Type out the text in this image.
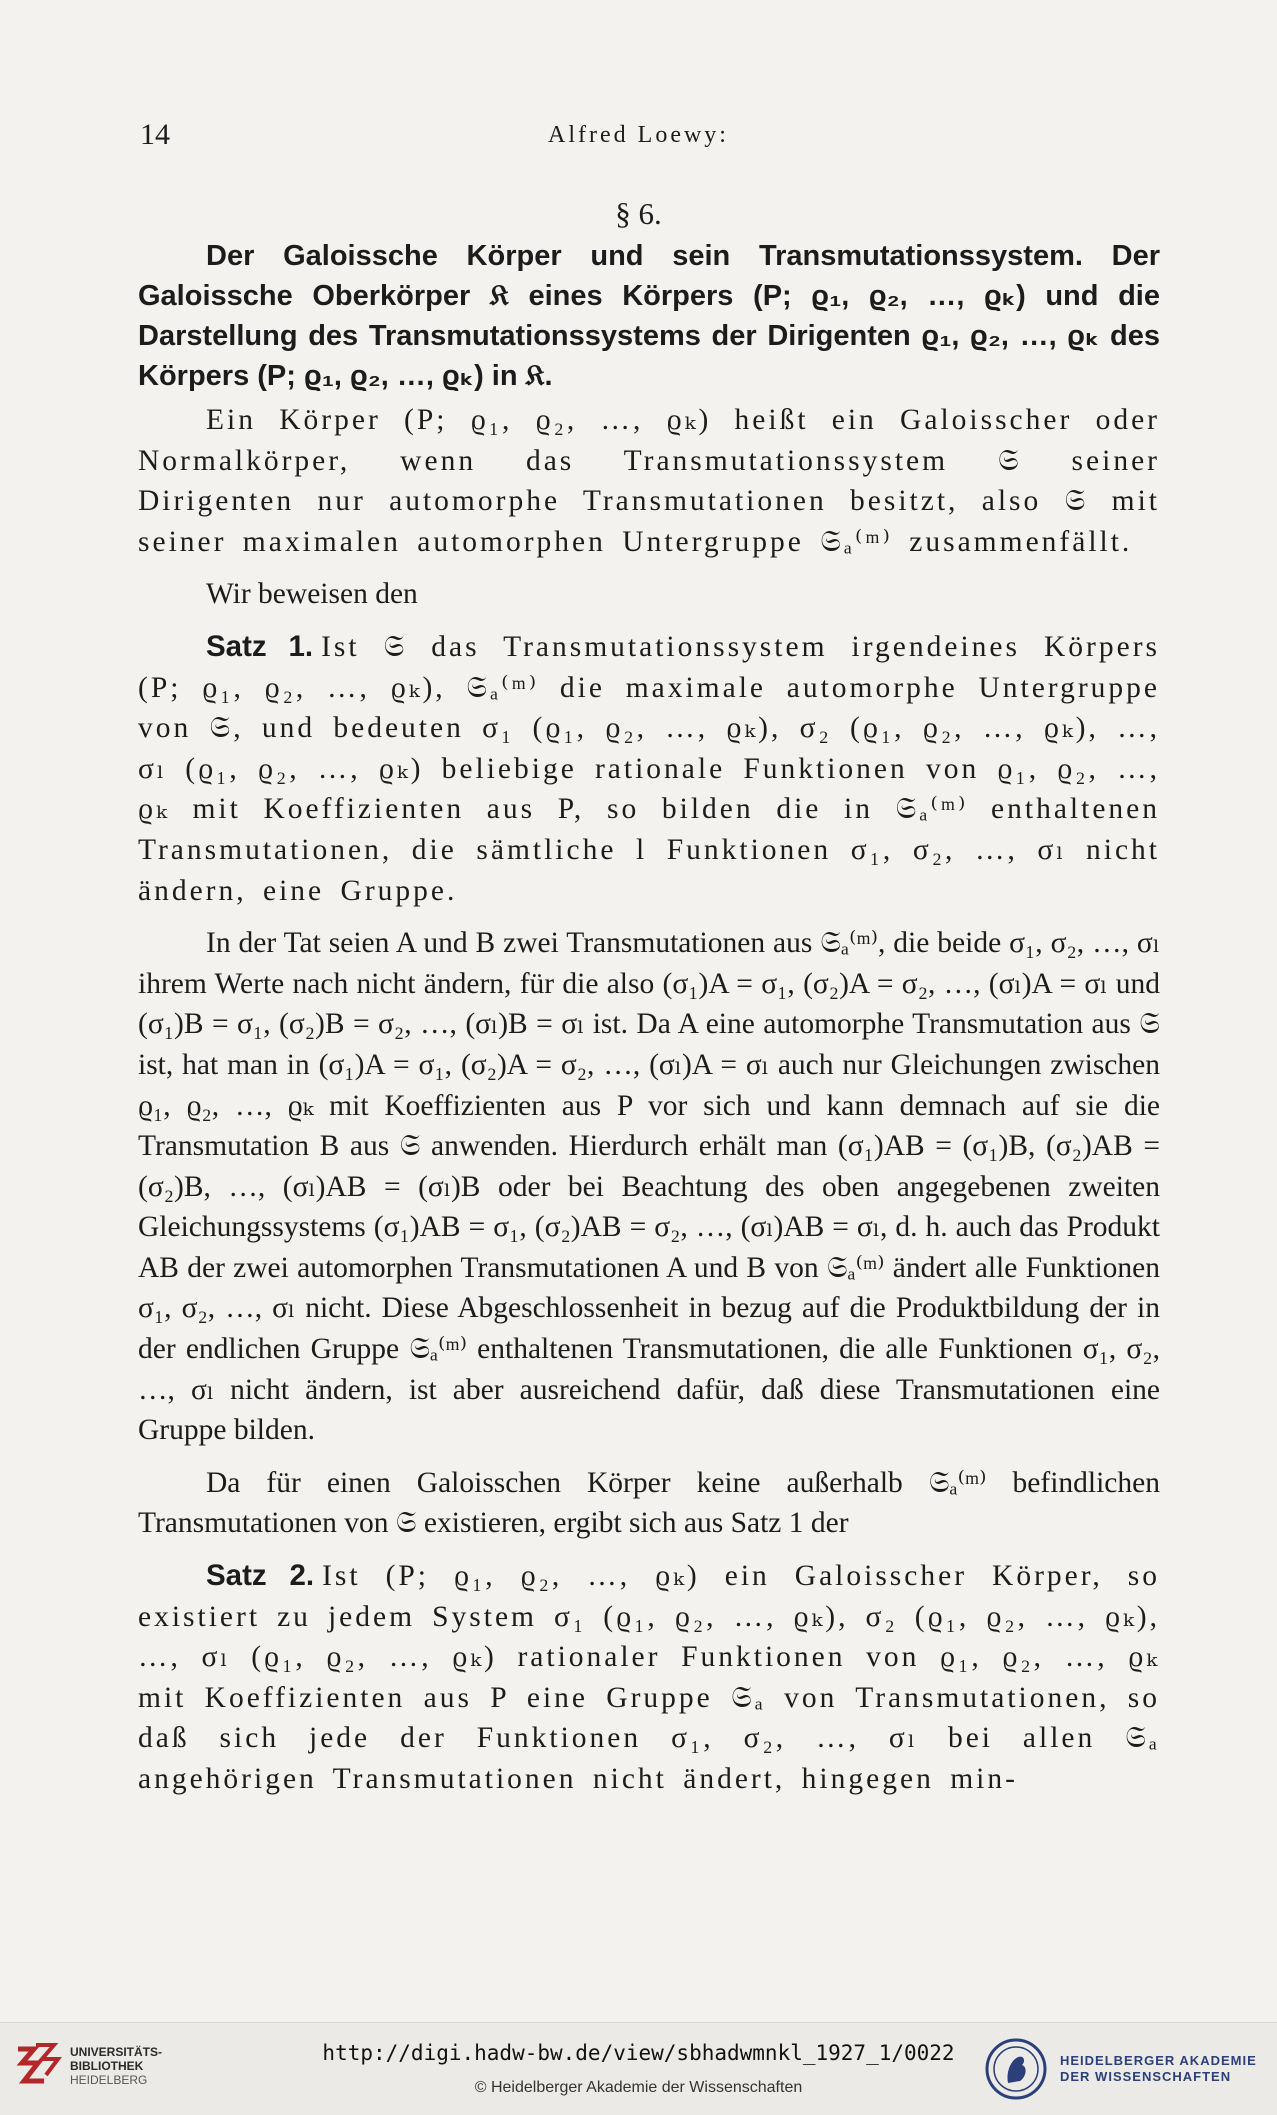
14	Alfred Loewy:
§ 6.
Der Galoissche Körper und sein Transmutationssystem. Der Galoissche Oberkörper 𝔎 eines Körpers (P; ϱ₁, ϱ₂, …, ϱₖ) und die Darstellung des Transmutationssystems der Dirigenten ϱ₁, ϱ₂, …, ϱₖ des Körpers (P; ϱ₁, ϱ₂, …, ϱₖ) in 𝔎.

Ein Körper (P; ϱ₁, ϱ₂, …, ϱₖ) heißt ein Galoisscher oder Normalkörper, wenn das Transmutationssystem 𝔖 seiner Dirigenten nur automorphe Transmutationen besitzt, also 𝔖 mit seiner maximalen automorphen Untergruppe 𝔖ₐ⁽ᵐ⁾ zusammenfällt.

Wir beweisen den

Satz 1. Ist 𝔖 das Transmutationssystem irgendeines Körpers (P; ϱ₁, ϱ₂, …, ϱₖ), 𝔖ₐ⁽ᵐ⁾ die maximale automorphe Untergruppe von 𝔖, und bedeuten σ₁ (ϱ₁, ϱ₂, …, ϱₖ), σ₂ (ϱ₁, ϱ₂, …, ϱₖ), …, σₗ (ϱ₁, ϱ₂, …, ϱₖ) beliebige rationale Funktionen von ϱ₁, ϱ₂, …, ϱₖ mit Koeffizienten aus P, so bilden die in 𝔖ₐ⁽ᵐ⁾ enthaltenen Transmutationen, die sämtliche l Funktionen σ₁, σ₂, …, σₗ nicht ändern, eine Gruppe.

In der Tat seien A und B zwei Transmutationen aus 𝔖ₐ⁽ᵐ⁾, die beide σ₁, σ₂, …, σₗ ihrem Werte nach nicht ändern, für die also (σ₁)A = σ₁, (σ₂)A = σ₂, …, (σₗ)A = σₗ und (σ₁)B = σ₁, (σ₂)B = σ₂, …, (σₗ)B = σₗ ist. Da A eine automorphe Transmutation aus 𝔖 ist, hat man in (σ₁)A = σ₁, (σ₂)A = σ₂, …, (σₗ)A = σₗ auch nur Gleichungen zwischen ϱ₁, ϱ₂, …, ϱₖ mit Koeffizienten aus P vor sich und kann demnach auf sie die Transmutation B aus 𝔖 anwenden. Hierdurch erhält man (σ₁)AB = (σ₁)B, (σ₂)AB = (σ₂)B, …, (σₗ)AB = (σₗ)B oder bei Beachtung des oben angegebenen zweiten Gleichungssystems (σ₁)AB = σ₁, (σ₂)AB = σ₂, …, (σₗ)AB = σₗ, d. h. auch das Produkt AB der zwei automorphen Transmutationen A und B von 𝔖ₐ⁽ᵐ⁾ ändert alle Funktionen σ₁, σ₂, …, σₗ nicht. Diese Abgeschlossenheit in bezug auf die Produktbildung der in der endlichen Gruppe 𝔖ₐ⁽ᵐ⁾ enthaltenen Transmutationen, die alle Funktionen σ₁, σ₂, …, σₗ nicht ändern, ist aber ausreichend dafür, daß diese Transmutationen eine Gruppe bilden.

Da für einen Galoisschen Körper keine außerhalb 𝔖ₐ⁽ᵐ⁾ befindlichen Transmutationen von 𝔖 existieren, ergibt sich aus Satz 1 der

Satz 2. Ist (P; ϱ₁, ϱ₂, …, ϱₖ) ein Galoisscher Körper, so existiert zu jedem System σ₁ (ϱ₁, ϱ₂, …, ϱₖ), σ₂ (ϱ₁, ϱ₂, …, ϱₖ), …, σₗ (ϱ₁, ϱ₂, …, ϱₖ) rationaler Funktionen von ϱ₁, ϱ₂, …, ϱₖ mit Koeffizienten aus P eine Gruppe 𝔖ₐ von Transmutationen, so daß sich jede der Funktionen σ₁, σ₂, …, σₗ bei allen 𝔖ₐ angehörigen Transmutationen nicht ändert, hingegen min-

UNIVERSITÄTS-
BIBLIOTHEK
HEIDELBERG
http://digi.hadw-bw.de/view/sbhadwmnkl_1927_1/0022
© Heidelberger Akademie der Wissenschaften
HEIDELBERGER AKADEMIE
DER WISSENSCHAFTEN
